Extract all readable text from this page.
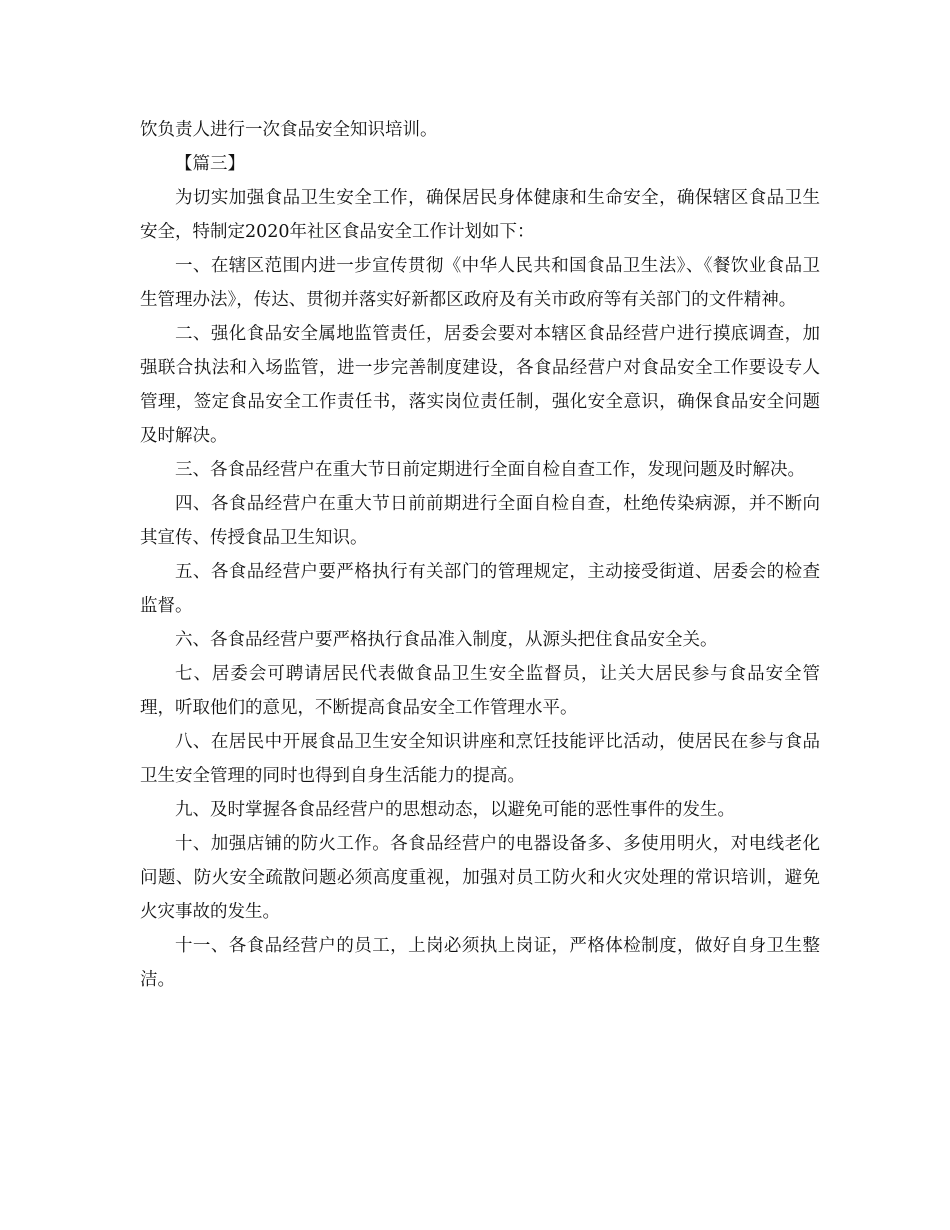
饮负责人进行一次食品安全知识培训。

【篇三】

为切实加强食品卫生安全工作，确保居民身体健康和生命安全，确保辖区食品卫生安全，特制定2020年社区食品安全工作计划如下：

一、在辖区范围内进一步宣传贯彻《中华人民共和国食品卫生法》、《餐饮业食品卫生管理办法》，传达、贯彻并落实好新都区政府及有关市政府等有关部门的文件精神。

二、强化食品安全属地监管责任，居委会要对本辖区食品经营户进行摸底调查，加强联合执法和入场监管，进一步完善制度建设，各食品经营户对食品安全工作要设专人管理，签定食品安全工作责任书，落实岗位责任制，强化安全意识，确保食品安全问题及时解决。

三、各食品经营户在重大节日前定期进行全面自检自查工作，发现问题及时解决。

四、各食品经营户在重大节日前前期进行全面自检自查，杜绝传染病源，并不断向其宣传、传授食品卫生知识。

五、各食品经营户要严格执行有关部门的管理规定，主动接受街道、居委会的检查监督。

六、各食品经营户要严格执行食品准入制度，从源头把住食品安全关。

七、居委会可聘请居民代表做食品卫生安全监督员，让关大居民参与食品安全管理，听取他们的意见，不断提高食品安全工作管理水平。

八、在居民中开展食品卫生安全知识讲座和烹饪技能评比活动，使居民在参与食品卫生安全管理的同时也得到自身生活能力的提高。

九、及时掌握各食品经营户的思想动态，以避免可能的恶性事件的发生。

十、加强店铺的防火工作。各食品经营户的电器设备多、多使用明火，对电线老化问题、防火安全疏散问题必须高度重视，加强对员工防火和火灾处理的常识培训，避免火灾事故的发生。

十一、各食品经营户的员工，上岗必须执上岗证，严格体检制度，做好自身卫生整洁。
